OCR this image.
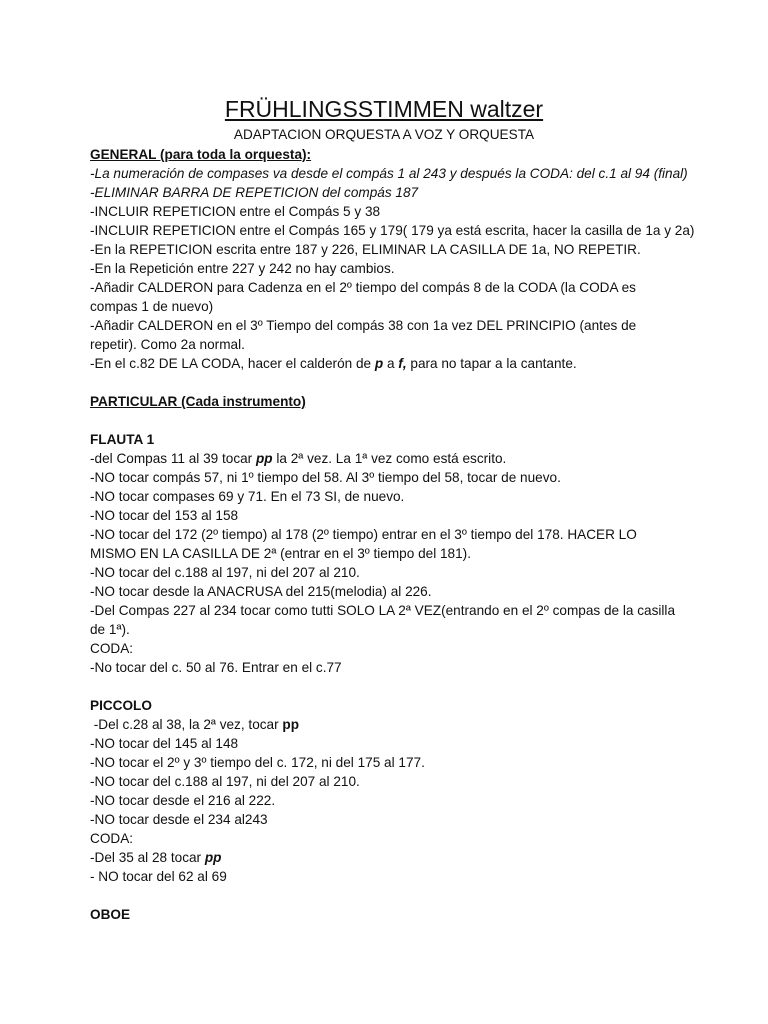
FRÜHLINGSSTIMMEN waltzer
ADAPTACION ORQUESTA A VOZ Y ORQUESTA
GENERAL (para toda la orquesta):
-La numeración de compases va desde el compás 1 al 243 y después la CODA: del c.1 al 94 (final)
-ELIMINAR BARRA DE REPETICION del compás 187
-INCLUIR REPETICION entre el Compás 5 y 38
-INCLUIR REPETICION entre el Compás 165 y 179( 179 ya está escrita, hacer la casilla de 1a y 2a)
-En la REPETICION escrita entre 187 y 226, ELIMINAR LA CASILLA DE 1a, NO REPETIR.
-En la Repetición entre 227 y 242 no hay cambios.
-Añadir CALDERON para Cadenza en el 2º tiempo del compás 8 de la CODA (la CODA es compas 1 de nuevo)
-Añadir CALDERON en el 3º Tiempo del compás 38 con 1a vez DEL PRINCIPIO (antes de repetir). Como 2a normal.
-En el c.82 DE LA CODA, hacer el calderón de p a f, para no tapar a la cantante.
PARTICULAR (Cada instrumento)
FLAUTA 1
-del Compas 11 al 39 tocar pp la 2ª vez. La 1ª vez como está escrito.
-NO tocar compás 57, ni 1º tiempo del 58. Al 3º tiempo del 58, tocar de nuevo.
-NO tocar compases 69 y 71. En el 73 SI, de nuevo.
-NO tocar del 153 al 158
-NO tocar del 172 (2º tiempo) al 178 (2º tiempo) entrar en el 3º tiempo del 178. HACER LO MISMO EN LA CASILLA DE 2ª (entrar en el 3º tiempo del 181).
-NO tocar del c.188 al 197, ni del 207 al 210.
-NO tocar desde la ANACRUSA del 215(melodia) al 226.
-Del Compas 227 al 234 tocar como tutti SOLO LA 2ª VEZ(entrando en el 2º compas de la casilla de 1ª).
CODA:
-No tocar del c. 50 al 76. Entrar en el c.77
PICCOLO
-Del c.28 al 38, la 2ª vez, tocar pp
-NO tocar del 145 al 148
-NO tocar el 2º y 3º tiempo del c. 172, ni del 175 al 177.
-NO tocar del c.188 al 197, ni del 207 al 210.
-NO tocar desde el 216 al 222.
-NO tocar desde el 234 al243
CODA:
-Del 35 al 28 tocar pp
- NO tocar del 62 al 69
OBOE
